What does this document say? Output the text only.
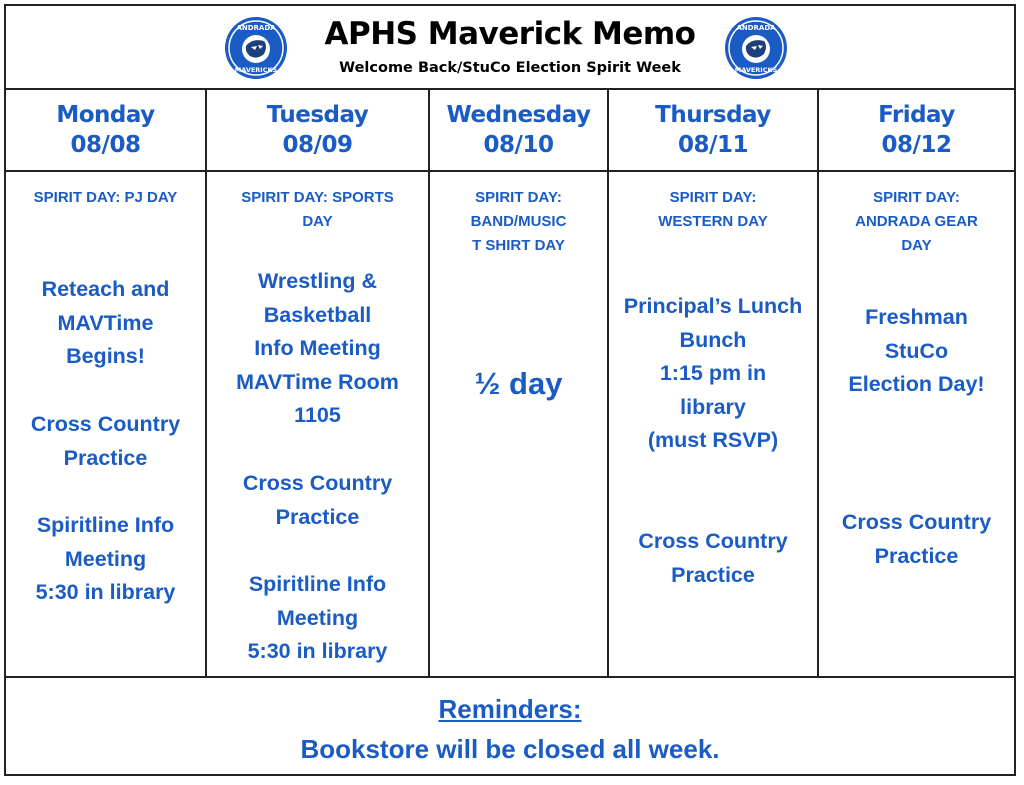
ANDRADA
MAVERICKS
APHS Maverick Memo
Welcome Back/StuCo Election Spirit Week
ANDRADA
MAVERICKS
Monday
08/08
SPIRIT DAY: PJ DAY
Reteach and
MAVTime
Begins!
Cross Country
Practice
Spiritline Info
Meeting
5:30 in library
Tuesday
08/09
SPIRIT DAY: SPORTS
DAY
Wrestling &
Basketball
Info Meeting
MAVTime Room
1105
Cross Country
Practice
Spiritline Info
Meeting
5:30 in library
Wednesday
08/10
SPIRIT DAY:
BAND/MUSIC
T SHIRT DAY
½ day
Thursday
08/11
SPIRIT DAY:
WESTERN DAY
Principal’s Lunch
Bunch
1:15 pm in
library
(must RSVP)
Cross Country
Practice
Friday
08/12
SPIRIT DAY:
ANDRADA GEAR
DAY
Freshman
StuCo
Election Day!
Cross Country
Practice
Reminders:
Bookstore will be closed all week.
